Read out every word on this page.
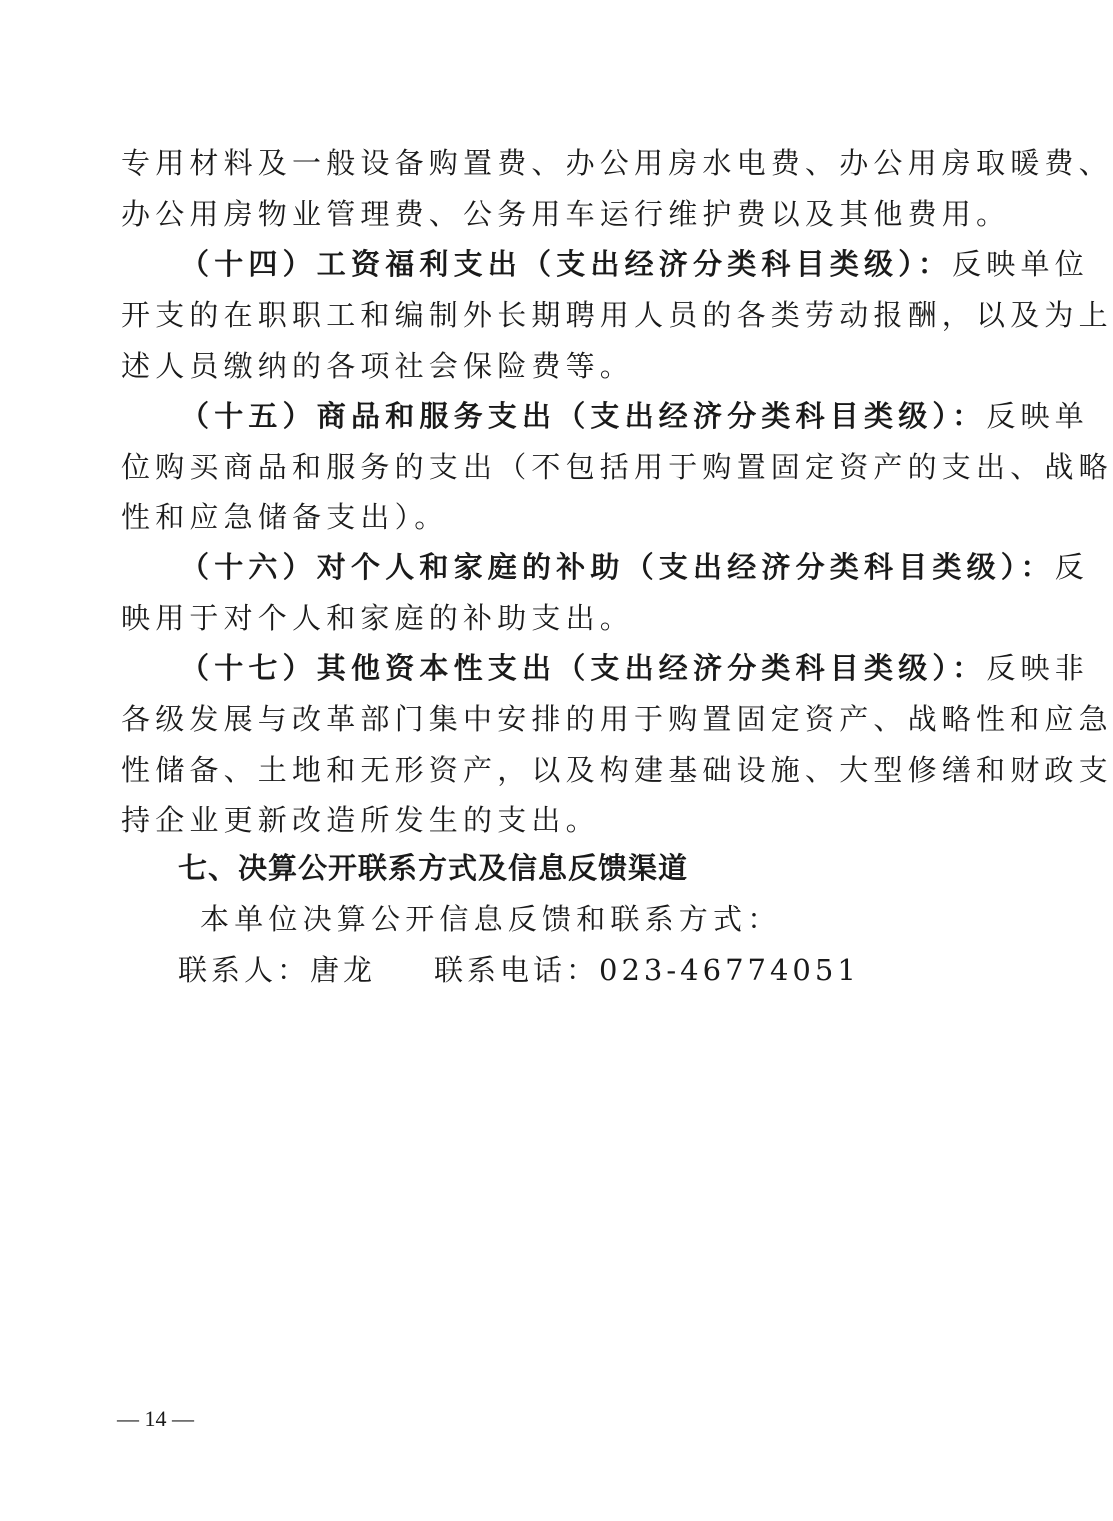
专用材料及一般设备购置费、办公用房水电费、办公用房取暖费、
办公用房物业管理费、公务用车运行维护费以及其他费用。
（十四）工资福利支出（支出经济分类科目类级）：反映单位
开支的在职职工和编制外长期聘用人员的各类劳动报酬，以及为上
述人员缴纳的各项社会保险费等。
（十五）商品和服务支出（支出经济分类科目类级）：反映单
位购买商品和服务的支出（不包括用于购置固定资产的支出、战略
性和应急储备支出）。
（十六）对个人和家庭的补助（支出经济分类科目类级）：反
映用于对个人和家庭的补助支出。
（十七）其他资本性支出（支出经济分类科目类级）：反映非
各级发展与改革部门集中安排的用于购置固定资产、战略性和应急
性储备、土地和无形资产，以及构建基础设施、大型修缮和财政支
持企业更新改造所发生的支出。
七、决算公开联系方式及信息反馈渠道
本单位决算公开信息反馈和联系方式：
联系人：唐龙 联系电话：023-46774051
— 14 —
